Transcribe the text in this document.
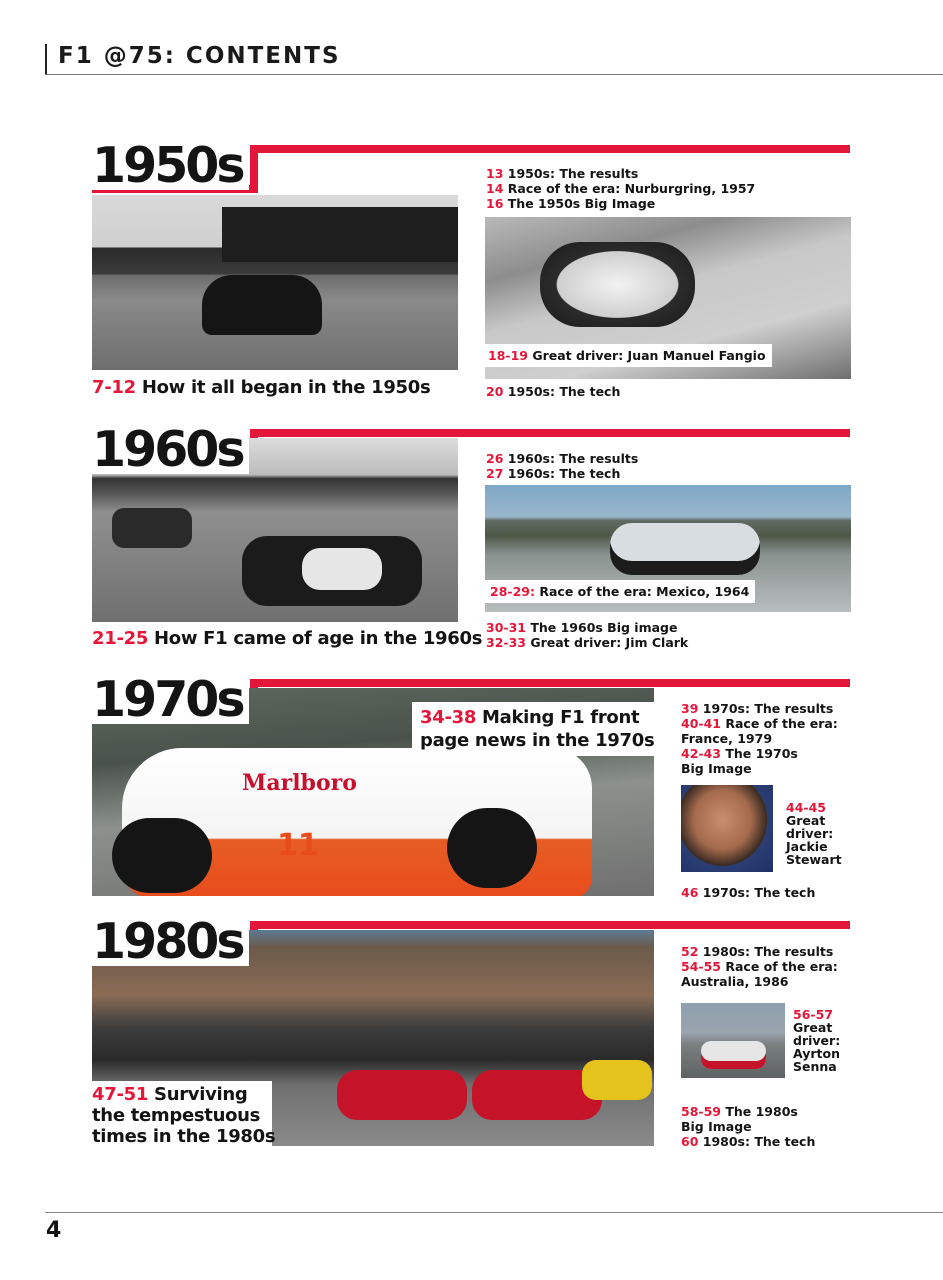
F1 @75: CONTENTS
1950s
7-12 How it all began in the 1950s
13 1950s: The results
14 Race of the era: Nurburgring, 1957
16 The 1950s Big Image
18-19 Great driver: Juan Manuel Fangio
20 1950s: The tech
1960s
21-25 How F1 came of age in the 1960s
26 1960s: The results
27 1960s: The tech
28-29: Race of the era: Mexico, 1964
30-31 The 1960s Big image
32-33 Great driver: Jim Clark
Marlboro
11
1970s	34-38 Making F1 front
page news in the 1970s
39 1970s: The results
40-41 Race of the era:
France, 1979
42-43 The 1970s
Big Image
44-45
Great
driver:
Jackie
Stewart
46 1970s: The tech
1980s
47-51 Surviving
the tempestuous
times in the 1980s
52 1980s: The results
54-55 Race of the era:
Australia, 1986
56-57
Great
driver:
Ayrton
Senna
58-59 The 1980s
Big Image
60 1980s: The tech
4
